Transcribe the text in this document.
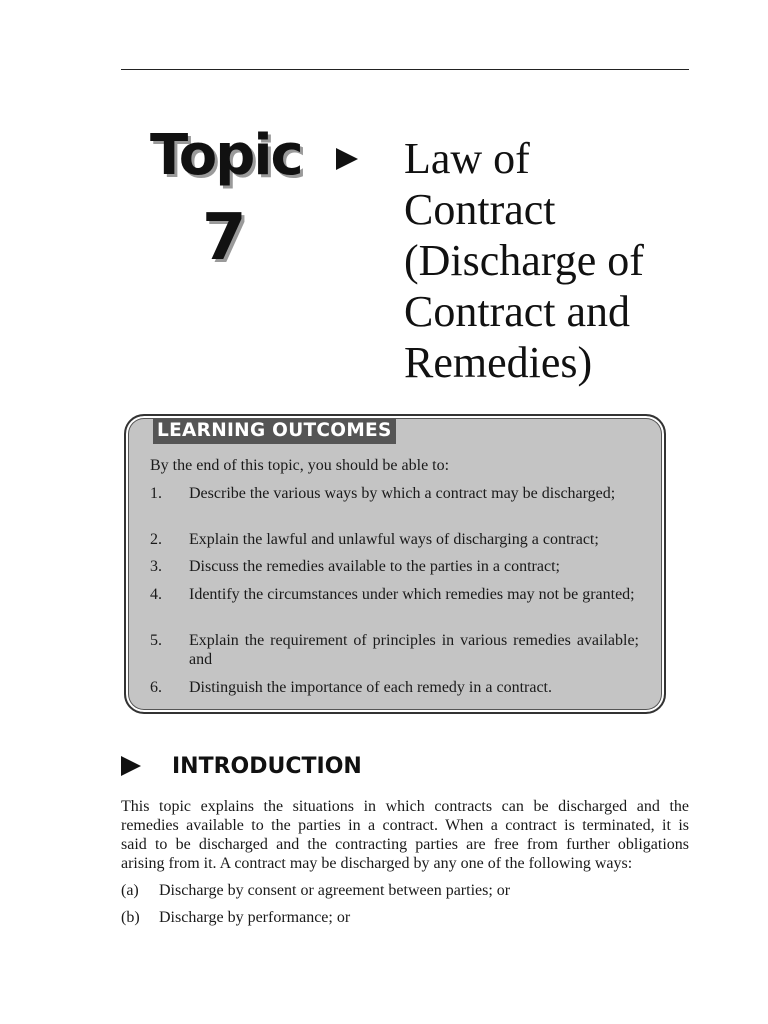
Topic
7
Law of
Contract
(Discharge of
Contract and
Remedies)
LEARNING OUTCOMES
By the end of this topic, you should be able to:
1. Describe the various ways by which a contract may be discharged;
2. Explain the lawful and unlawful ways of discharging a contract;
3. Discuss the remedies available to the parties in a contract;
4. Identify the circumstances under which remedies may not be granted;
5. Explain the requirement of principles in various remedies available; and
6. Distinguish the importance of each remedy in a contract.
INTRODUCTION
This topic explains the situations in which contracts can be discharged and the
remedies available to the parties in a contract. When a contract is terminated, it is
said to be discharged and the contracting parties are free from further obligations
arising from it. A contract may be discharged by any one of the following ways:
(a) Discharge by consent or agreement between parties; or
(b) Discharge by performance; or
